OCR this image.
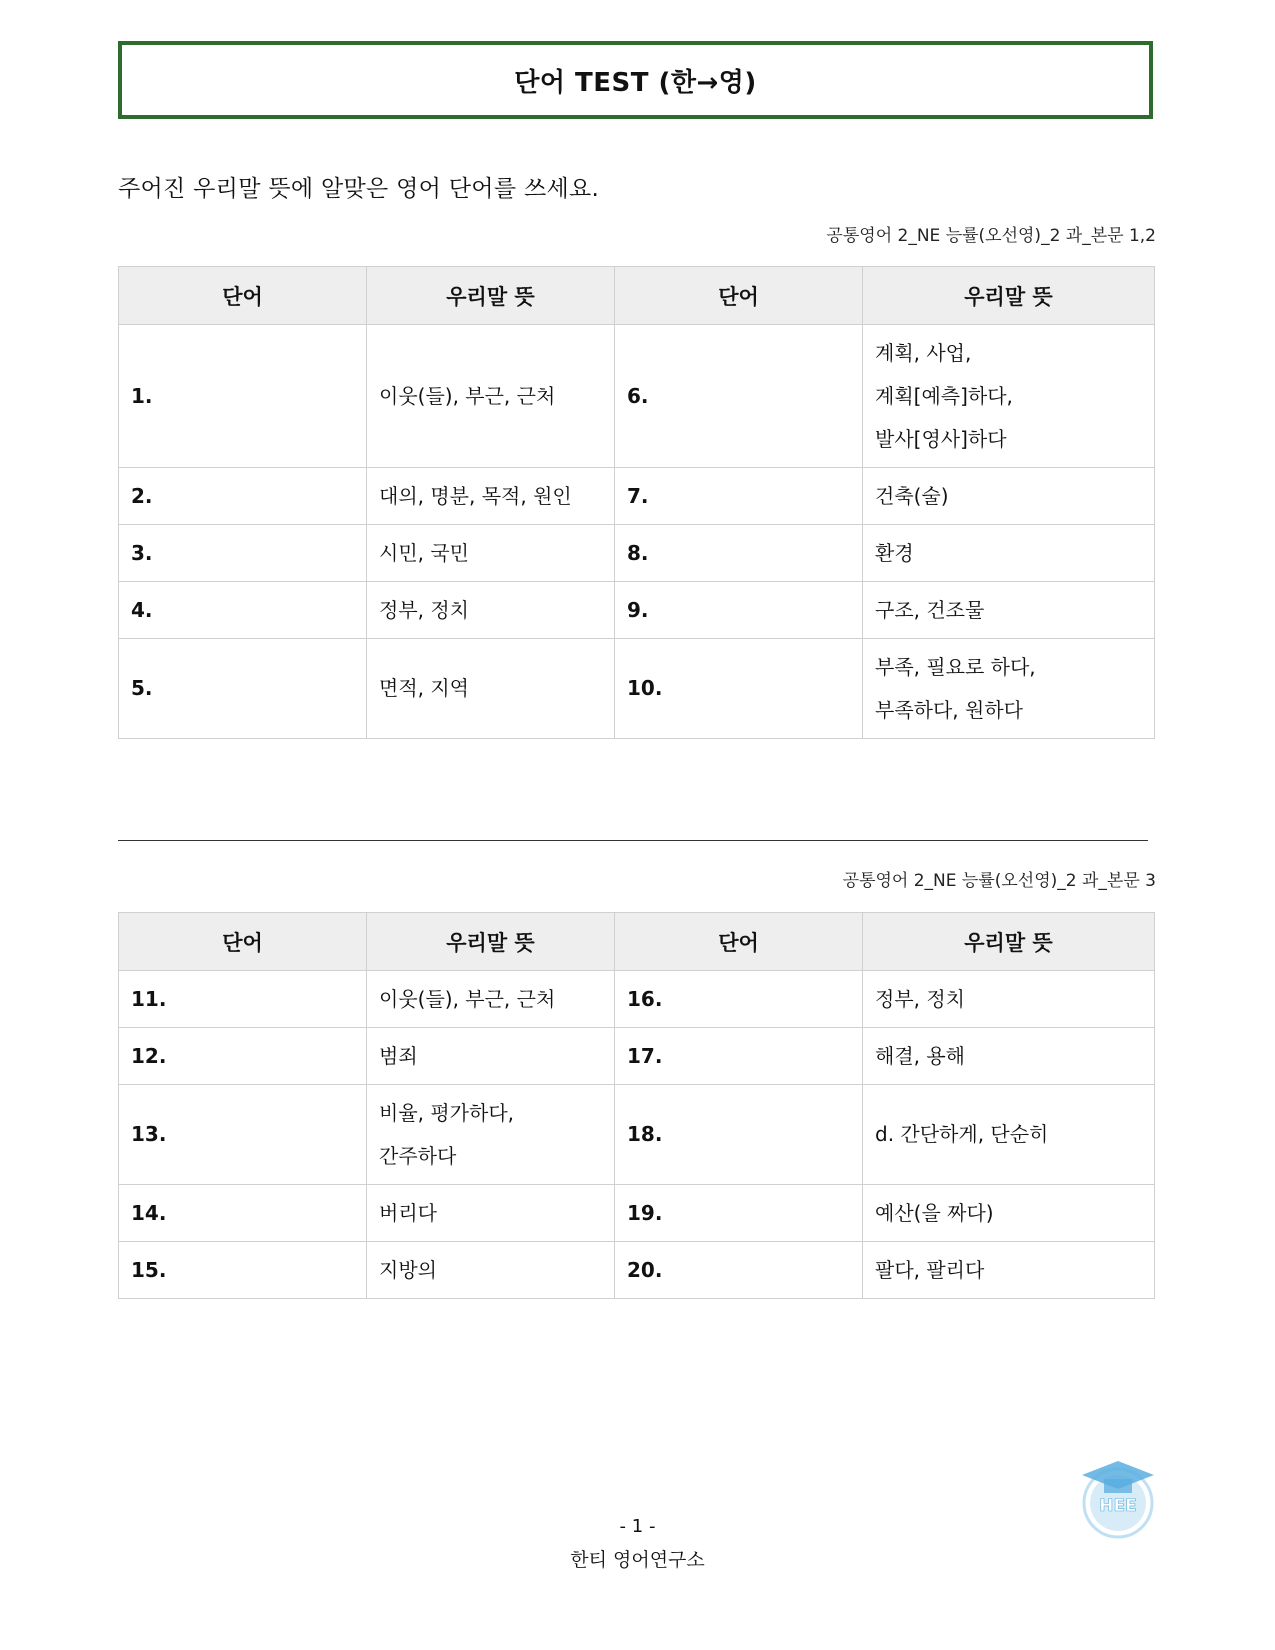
단어 TEST (한→영)
주어진 우리말 뜻에 알맞은 영어 단어를 쓰세요.
공통영어 2_NE 능률(오선영)_2 과_본문 1,2
단어	우리말 뜻	단어	우리말 뜻
1.	이웃(들), 부근, 근처	6.	계획, 사업,
계획[예측]하다,
발사[영사]하다

2.	대의, 명분, 목적, 원인	7.	건축(술)

3.	시민, 국민	8.	환경

4.	정부, 정치	9.	구조, 건조물

5.	면적, 지역	10.	부족, 필요로 하다,
부족하다, 원하다
공통영어 2_NE 능률(오선영)_2 과_본문 3
단어	우리말 뜻	단어	우리말 뜻
11.	이웃(들), 부근, 근처	16.	정부, 정치

12.	범죄	17.	해결, 용해

13.	비율, 평가하다,
간주하다	18.	d. 간단하게, 단순히

14.	버리다	19.	예산(을 짜다)

15.	지방의	20.	팔다, 팔리다
HEE
- 1 -
한티 영어연구소
